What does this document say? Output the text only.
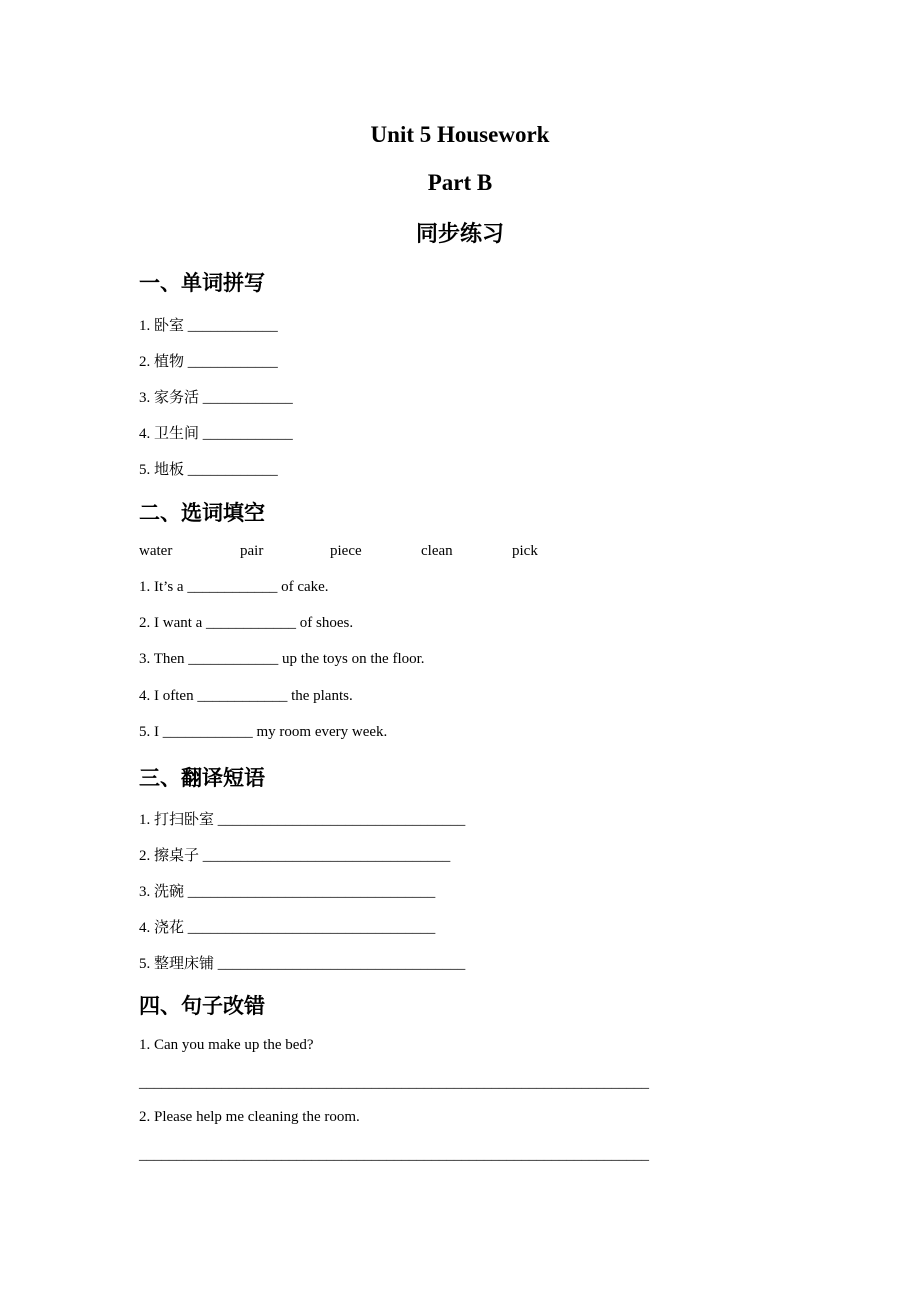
Unit 5 Housework
Part B
同步练习
一、单词拼写
1. 卧室 ____________
2. 植物 ____________
3. 家务活 ____________
4. 卫生间 ____________
5. 地板 ____________
二、选词填空
water	pair	piece	clean	pick
1. It’s a ____________ of cake.
2. I want a ____________ of shoes.
3. Then ____________ up the toys on the floor.
4. I often ____________ the plants.
5. I ____________ my room every week.
三、翻译短语
1. 打扫卧室 _________________________________
2. 擦桌子 _________________________________
3. 洗碗 _________________________________
4. 浇花 _________________________________
5. 整理床铺 _________________________________
四、句子改错
1. Can you make up the bed?
____________________________________________________________________
2. Please help me cleaning the room.
____________________________________________________________________
